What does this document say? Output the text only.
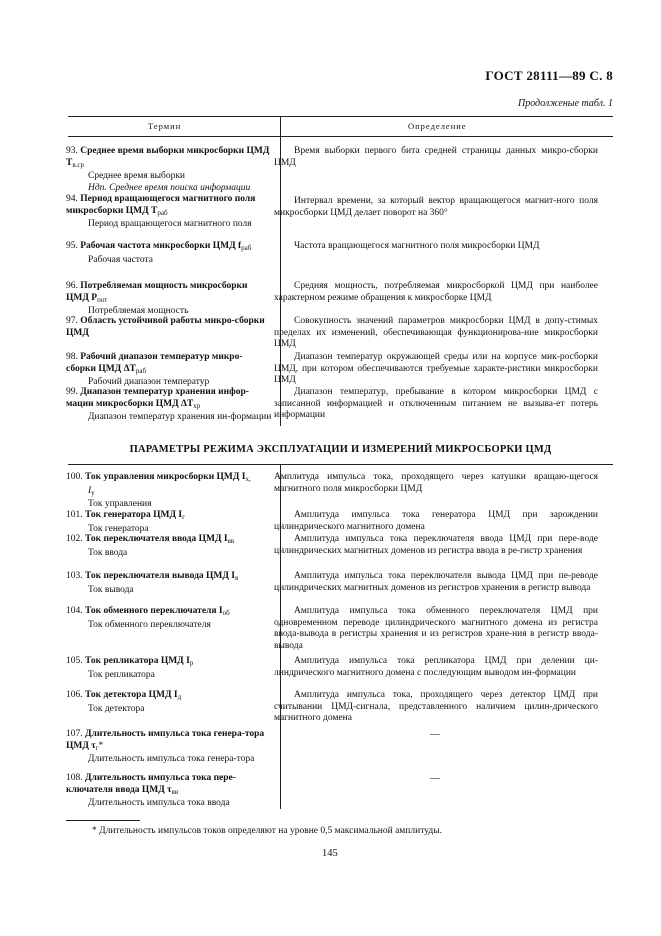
ГОСТ 28111—89 С. 8
Продолженые табл. 1
Термин	Определение
93. Среднее время выборки микросборки ЦМД $T_{в.ср}$
Среднее время выборки
Ндп. Среднее время поиска информации
Время выборки первого бита средней страницы данных микро-сборки ЦМД
94. Период вращающегося магнитного поля микросборки ЦМД $T_{раб}$
Период вращающегося магнитного поля
Интервал времени, за который вектор вращающегося магнит-ного поля микросборки ЦМД делает поворот на 360°
95. Рабочая частота микросборки ЦМД $f_{раб}$
Рабочая частота
Частота вращающегося магнитного поля микросборки ЦМД
96. Потребляемая мощность микросборки ЦМД $P_{пот}$
Потребляемая мощность
Средняя мощность, потребляемая микросборкой ЦМД при наиболее характерном режиме обращения к микросборке ЦМД
97. Область устойчивой работы микро-сборки ЦМД
Совокупность значений параметров микросборки ЦМД в допу-стимых пределах их изменений, обеспечивающая функционирова-ние микросборки ЦМД
98. Рабочий диапазон температур микро-сборки ЦМД $\Delta T_{раб}$
Рабочий диапазон температур
Диапазон температур окружающей среды или на корпусе мик-росборки ЦМД, при котором обеспечиваются требуемые характе-ристики микросборки ЦМД
99. Диапазон температур хранения инфор-мации микросборки ЦМД $\Delta T_{хр}$
Диапазон температур хранения ин-формации
Диапазон температур, пребывание в котором микросборки ЦМД с записанной информацией и отключенным питанием не вызыва-ет потерь информации
ПАРАМЕТРЫ РЕЖИМА ЭКСПЛУАТАЦИИ И ИЗМЕРЕНИЙ МИКРОСБОРКИ ЦМД
100. Ток управления микросборки ЦМД $I_{x,}$
$I_y$
Ток управления
Амплитуда импульса тока, проходящего через катушки вращаю-щегося магнитного поля микросборки ЦМД
101. Ток генератора ЦМД $I_г$
Ток генератора
Амплитуда импульса тока генератора ЦМД при зарождении цилиндрического магнитного домена
102. Ток переключателя ввода ЦМД $I_{вв}$
Ток ввода
Амплитуда импульса тока переключателя ввода ЦМД при пере-воде цилиндрических магнитных доменов из регистра ввода в ре-гистр хранения
103. Ток переключателя вывода ЦМД $I_в$
Ток вывода
Амплитуда импульса тока переключателя вывода ЦМД при пе-реводе цилиндрических магнитных доменов из регистров хранения в регистр вывода
104. Ток обменного переключателя $I_{об}$
Ток обменного переключателя
Амплитуда импульса тока обменного переключателя ЦМД при одновременном переводе цилиндрического магнитного домена из регистра ввода-вывода в регистры хранения и из регистров хране-ния в регистр ввода-вывода
105. Ток репликатора ЦМД $I_р$
Ток репликатора
Амплитуда импульса тока репликатора ЦМД при делении ци-линдрического магнитного домена с последующим выводом ин-формации
106. Ток детектора ЦМД $I_д$
Ток детектора
Амплитуда импульса тока, проходящего через детектор ЦМД при считывании ЦМД-сигнала, представленного наличием цилин-дрического магнитного домена
107. Длительность импульса тока генера-тора ЦМД $\tau_г*$
Длительность импульса тока генера-тора
—
108. Длительность импульса тока пере-ключателя ввода ЦМД $\tau_{вв}$
Длительность импульса тока ввода
—
* Длительность импульсов токов определяют на уровне 0,5 максимальной амплитуды.
145
